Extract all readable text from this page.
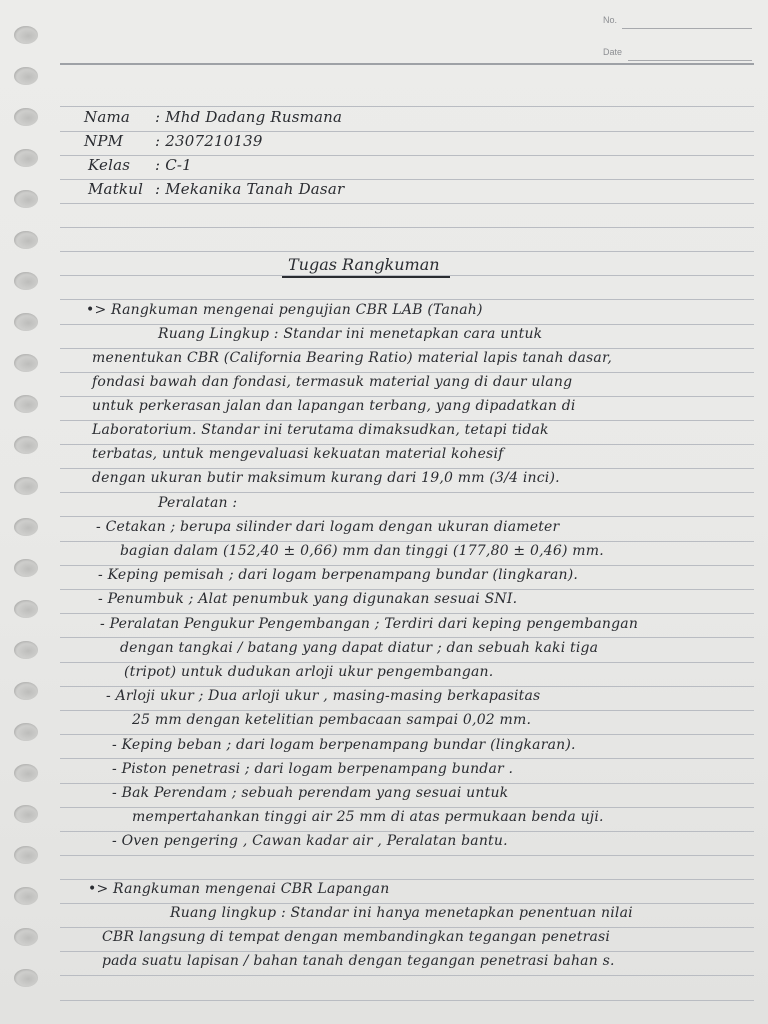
No.
Date
Nama : Mhd Dadang Rusmana
NPM : 2307210139
Kelas : C-1
Matkul : Mekanika Tanah Dasar
Tugas Rangkuman
•> Rangkuman mengenai pengujian CBR LAB (Tanah)
Ruang Lingkup : Standar ini menetapkan cara untuk
menentukan CBR (California Bearing Ratio) material lapis tanah dasar,
fondasi bawah dan fondasi, termasuk material yang di daur ulang
untuk perkerasan jalan dan lapangan terbang, yang dipadatkan di
Laboratorium. Standar ini terutama dimaksudkan, tetapi tidak
terbatas, untuk mengevaluasi kekuatan material kohesif
dengan ukuran butir maksimum kurang dari 19,0 mm (3/4 inci).
Peralatan :
- Cetakan ; berupa silinder dari logam dengan ukuran diameter
bagian dalam (152,40 ± 0,66) mm dan tinggi (177,80 ± 0,46) mm.
- Keping pemisah ; dari logam berpenampang bundar (lingkaran).
- Penumbuk ; Alat penumbuk yang digunakan sesuai SNI.
- Peralatan Pengukur Pengembangan ; Terdiri dari keping pengembangan
dengan tangkai / batang yang dapat diatur ; dan sebuah kaki tiga
(tripot) untuk dudukan arloji ukur pengembangan.
- Arloji ukur ; Dua arloji ukur , masing-masing berkapasitas
25 mm dengan ketelitian pembacaan sampai 0,02 mm.
- Keping beban ; dari logam berpenampang bundar (lingkaran).
- Piston penetrasi ; dari logam berpenampang bundar .
- Bak Perendam ; sebuah perendam yang sesuai untuk
mempertahankan tinggi air 25 mm di atas permukaan benda uji.
- Oven pengering , Cawan kadar air , Peralatan bantu.
•> Rangkuman mengenai CBR Lapangan
Ruang lingkup : Standar ini hanya menetapkan penentuan nilai
CBR langsung di tempat dengan membandingkan tegangan penetrasi
pada suatu lapisan / bahan tanah dengan tegangan penetrasi bahan s.
